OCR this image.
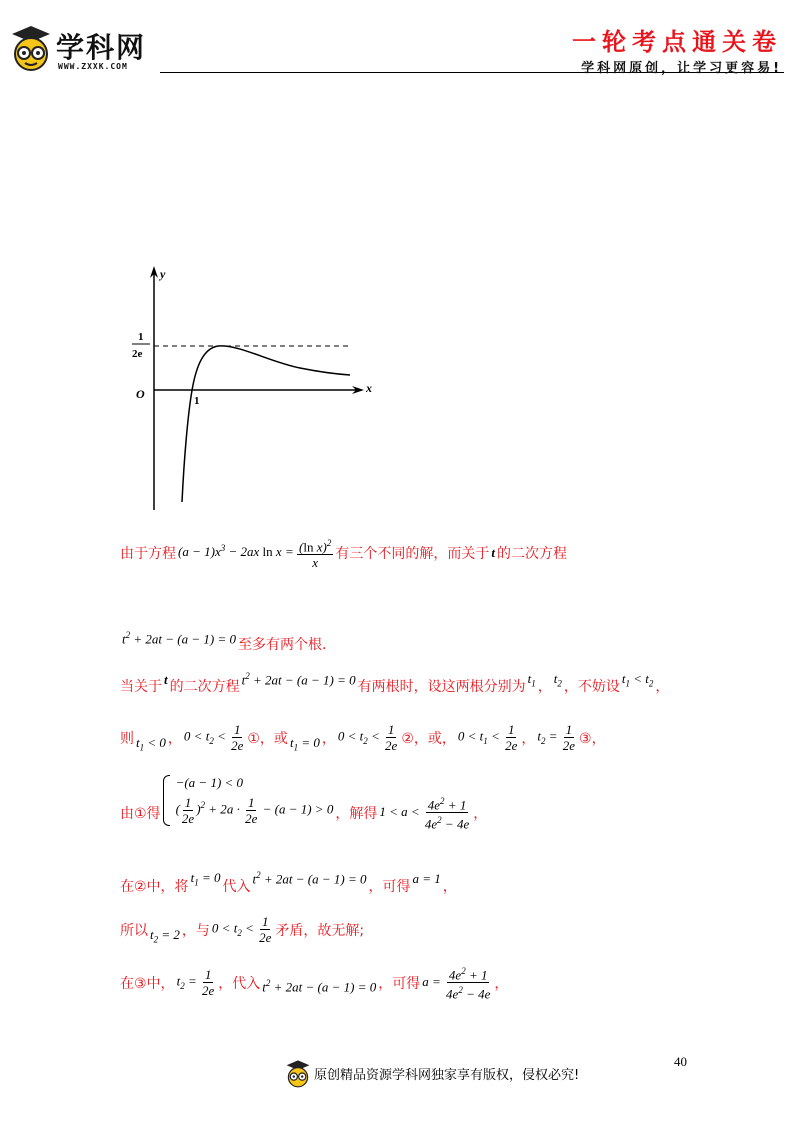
学科网
WWW.ZXXK.COM
一轮考点通关卷
学科网原创，让学习更容易!
y
x
O	1
1
2e
由于方程 $(a - 1)x^3 - 2ax$ $\ln x = \frac{(\ln x)^2}{x}$ 有三个不同的解，而关于 t 的二次方程
$t^2 + 2at - (a - 1) = 0$ 至多有两个根.
当关于 t 的二次方程 $t^2 + 2at - (a - 1) = 0$ 有两根时，设这两根分别为
$t_1$ ，
$t_2$ ，不妨设
$t_1 < t_2$ ，
则 $t_1 < 0$ ， $0 < t_2 < \frac{1}{2e}$ ①，或 $t_1 = 0$ ， $0 < t_2 < \frac{1}{2e}$ ②，或， $0 < t_1 < \frac{1}{2e}$ ， $t_2 = \frac{1}{2e}$ ③，
由①得
−(a − 1) < 0
( $\frac{1}{2e} )^2 + 2a \cdot \frac{1}{2e} - (a - 1) > 0$ ，解得 $1 < a < \frac{4e^2 + 1}{4e^2 - 4e}$ ，
在②中，将
$t_1 = 0$
代入 $t^2 + 2at - (a - 1) = 0$ ，可得
a = 1
，
所以 $t_2 = 2$ ，与 $0 < t_2 < \frac{1}{2e}$ 矛盾，故无解;
在③中， $t_2 = \frac{1}{2e}$ ，代入 $t^2 + 2at - (a - 1) = 0$ ，可得 $a = \frac{4e^2 + 1}{4e^2 - 4e}$ ，
40
原创精品资源学科网独家享有版权，侵权必究!
